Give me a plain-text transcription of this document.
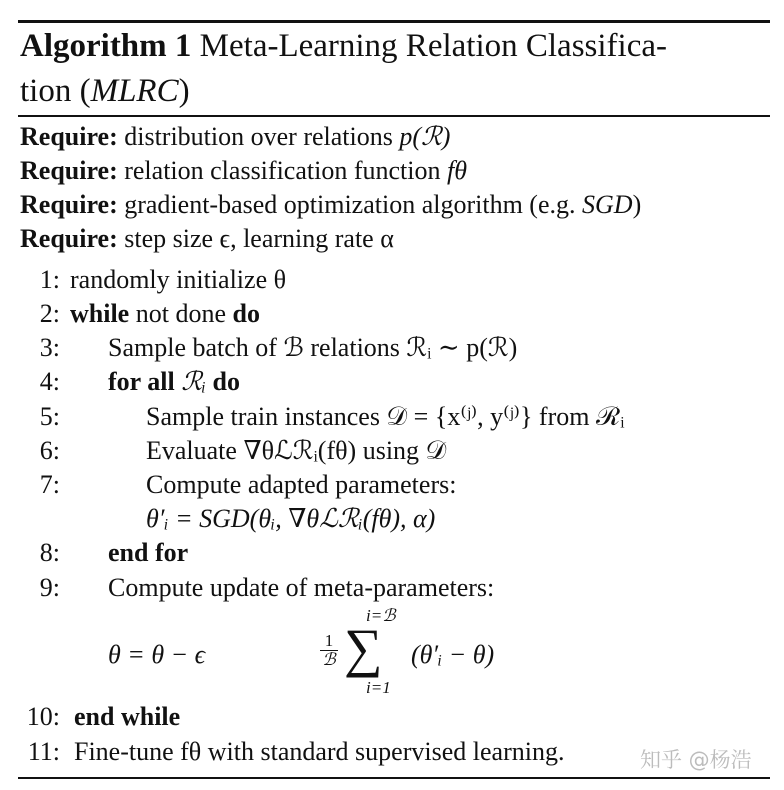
Algorithm 1 Meta-Learning Relation Classifica-
tion (MLRC)
Require: distribution over relations p(ℛ)
Require: relation classification function fθ
Require: gradient-based optimization algorithm (e.g. SGD)
Require: step size ϵ, learning rate α
1: randomly initialize θ
2: while not done do
3: Sample batch of ℬ relations ℛᵢ ∼ p(ℛ)
4: for all ℛᵢ do
5:	Sample train instances 𝒟 = {x⁽ʲ⁾, y⁽ʲ⁾} from ℛᵢ
6:	Evaluate ∇θℒℛᵢ(fθ) using 𝒟
7:	Compute adapted parameters:
θ′ᵢ = SGD(θᵢ, ∇θℒℛᵢ(fθ), α)
8: end for
9: Compute update of meta-parameters:
θ = θ − ϵ	1
ℬ ∑
i=ℬ
i=1
(θ′ᵢ − θ)
10: end while
11: Fine-tune fθ with standard supervised learning.	知乎 @杨浩
